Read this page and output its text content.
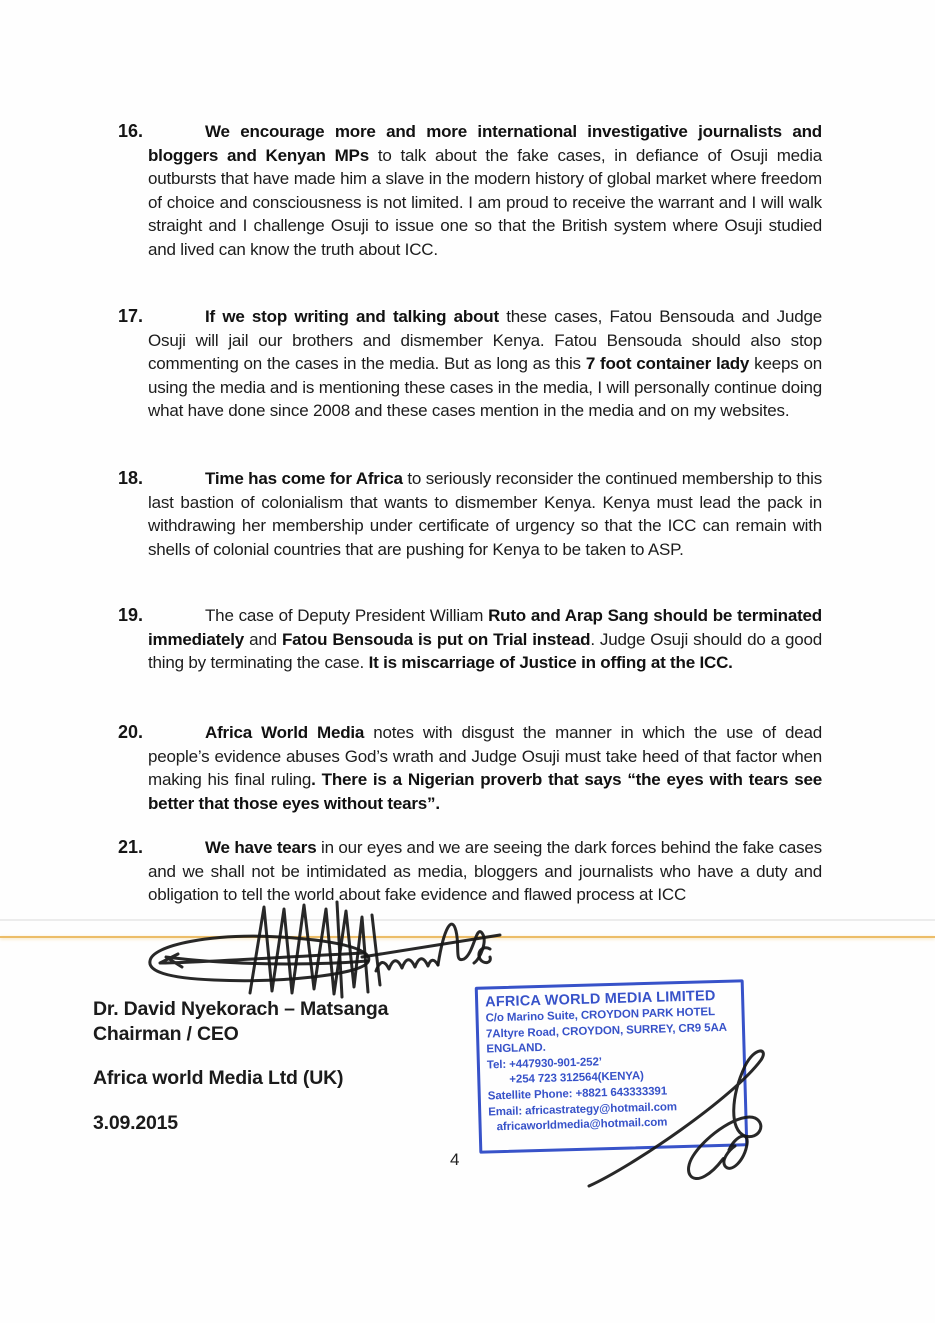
16.	We encourage more and more international investigative journalists and bloggers and Kenyan MPs to talk about the fake cases, in defiance of Osuji media outbursts that have made him a slave in the modern history of global market where freedom of choice and consciousness is not limited. I am proud to receive the warrant and I will walk straight and I challenge Osuji to issue one so that the British system where Osuji studied and lived can know the truth about ICC.
17.	If we stop writing and talking about these cases, Fatou Bensouda and Judge Osuji will jail our brothers and dismember Kenya. Fatou Bensouda should also stop commenting on the cases in the media. But as long as this 7 foot container lady keeps on using the media and is mentioning these cases in the media, I will personally continue doing what have done since 2008 and these cases mention in the media and on my websites.
18.	Time has come for Africa to seriously reconsider the continued membership to this last bastion of colonialism that wants to dismember Kenya. Kenya must lead the pack in withdrawing her membership under certificate of urgency so that the ICC can remain with shells of colonial countries that are pushing for Kenya to be taken to ASP.
19.	The case of Deputy President William Ruto and Arap Sang should be terminated immediately and Fatou Bensouda is put on Trial instead. Judge Osuji should do a good thing by terminating the case. It is miscarriage of Justice in offing at the ICC.
20.	Africa World Media notes with disgust the manner in which the use of dead people’s evidence abuses God’s wrath and Judge Osuji must take heed of that factor when making his final ruling. There is a Nigerian proverb that says “the eyes with tears see better that those eyes without tears”.
21.	We have tears in our eyes and we are seeing the dark forces behind the fake cases and we shall not be intimidated as media, bloggers and journalists who have a duty and obligation to tell the world about fake evidence and flawed process at ICC
Dr. David Nyekorach – Matsanga
Chairman / CEO
Africa world Media Ltd (UK)
3.09.2015
AFRICA WORLD MEDIA LIMITED
C/o Marino Suite, CROYDON PARK HOTEL
7Altyre Road, CROYDON, SURREY, CR9 5AA
ENGLAND.
Tel: +447930-901-252’
+254 723 312564(KENYA)
Satellite Phone: +8821 643333391
Email: africastrategy@hotmail.com
africaworldmedia@hotmail.com
4
